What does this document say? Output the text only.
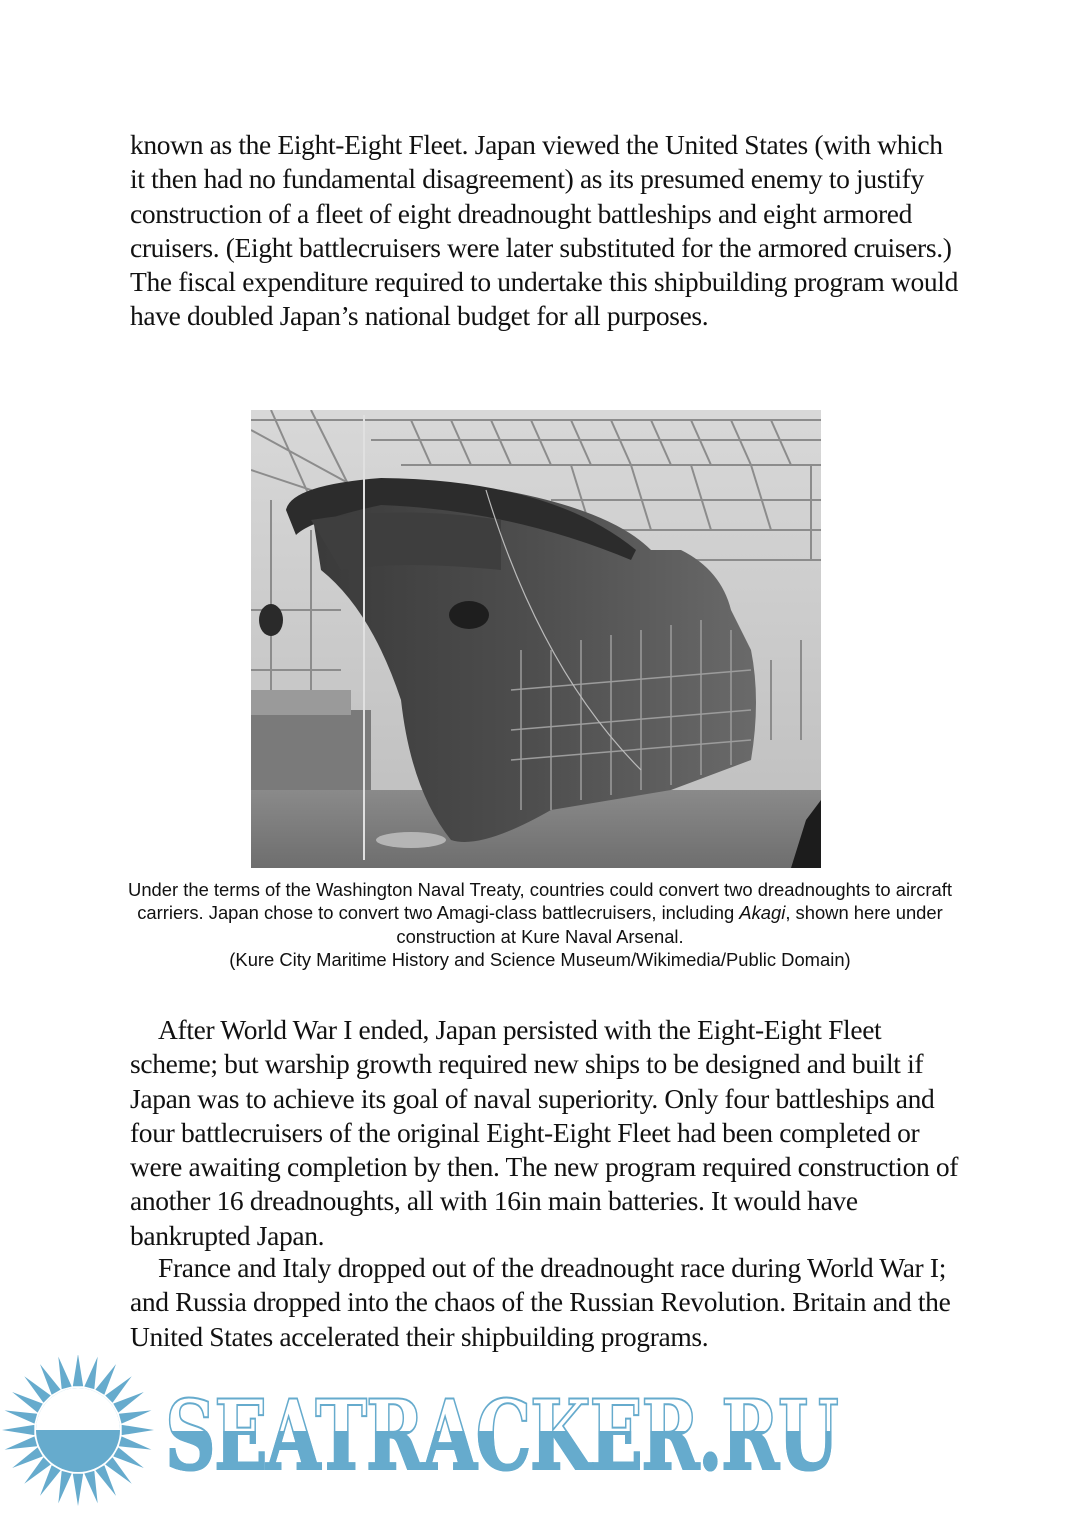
known as the Eight-Eight Fleet. Japan viewed the United States (with which it then had no fundamental disagreement) as its presumed enemy to justify construction of a fleet of eight dreadnought battleships and eight armored cruisers. (Eight battlecruisers were later substituted for the armored cruisers.) The fiscal expenditure required to undertake this shipbuilding program would have doubled Japan’s national budget for all purposes.

Under the terms of the Washington Naval Treaty, countries could convert two dreadnoughts to aircraft carriers. Japan chose to convert two Amagi-class battlecruisers, including Akagi, shown here under construction at Kure Naval Arsenal.
(Kure City Maritime History and Science Museum/Wikimedia/Public Domain)

After World War I ended, Japan persisted with the Eight-Eight Fleet scheme; but warship growth required new ships to be designed and built if Japan was to achieve its goal of naval superiority. Only four battleships and four battlecruisers of the original Eight-Eight Fleet had been completed or were awaiting completion by then. The new program required construction of another 16 dreadnoughts, all with 16in main batteries. It would have bankrupted Japan.

France and Italy dropped out of the dreadnought race during World War I; and Russia dropped into the chaos of the Russian Revolution. Britain and the United States accelerated their shipbuilding programs.

SEATRACKER.RU
